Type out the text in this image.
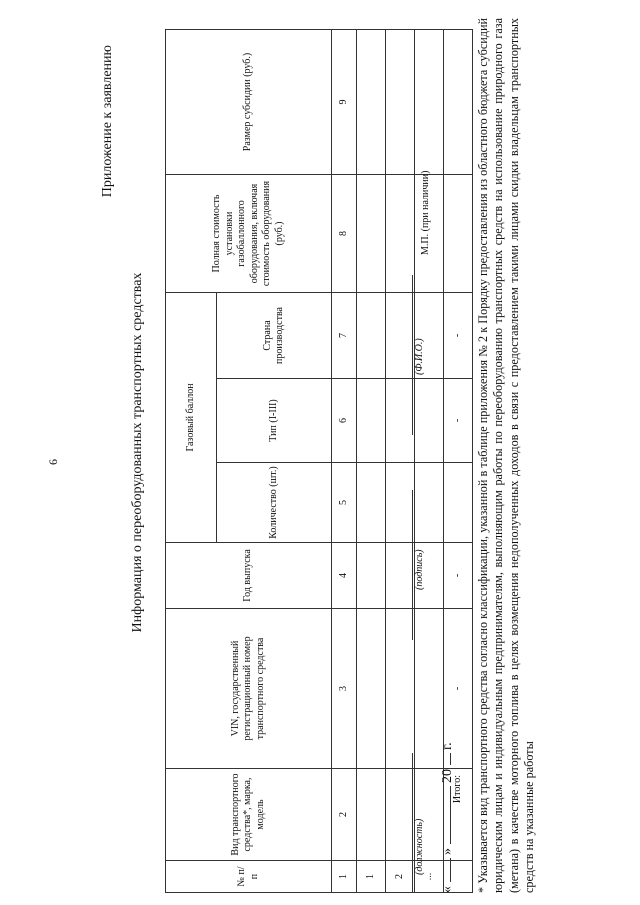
6
Приложение к заявлению
Информация о переоборудованных транспортных средствах
№ п/п	Вид транспортного средства*, марка, модель	VIN, государственный регистрационный номер транспортного средства	Год выпуска	Газовый баллон			Полная стоимость установки газобаллонного оборудования, включая стоимость оборудования (руб.)	Размер субсидии (руб.)
				Количество (шт.)	Тип (I-III)	Страна производства		
1	2	3	4	5	6	7	8	9
1								
2								
...								
	Итого:	-	-		-	-		
(должность)
(подпись)
(Ф.И.О.)
М.П. (при наличии)
«  »  20  г. * Указывается вид транспортного средства согласно классификации, указанной в таблице приложения № 2 к Порядку предоставления из областного бюджета субсидий юридическим лицам и индивидуальным предпринимателям, выполняющим работы по переоборудованию транспортных средств на использование природного газа (метана) в качестве моторного топлива в целях возмещения недополученных доходов в связи с предоставлением такими лицами скидки владельцам транспортных средств на указанные работы
